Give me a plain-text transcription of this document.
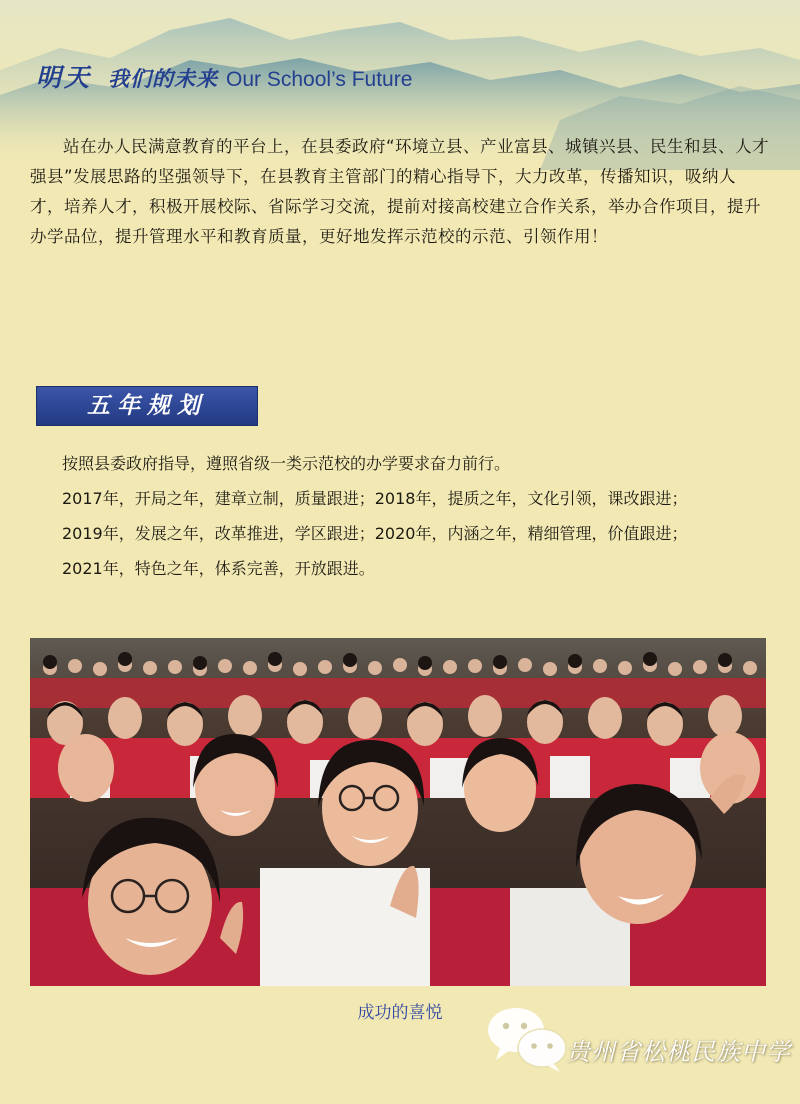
明天 我们的未来 Our School’s Future

站在办人民满意教育的平台上，在县委政府“环境立县、产业富县、城镇兴县、民生和县、人才强县”发展思路的坚强领导下，在县教育主管部门的精心指导下，大力改革，传播知识，吸纳人才，培养人才，积极开展校际、省际学习交流，提前对接高校建立合作关系，举办合作项目，提升办学品位，提升管理水平和教育质量，更好地发挥示范校的示范、引领作用！

五年规划
按照县委政府指导，遵照省级一类示范校的办学要求奋力前行。
2017年，开局之年，建章立制，质量跟进；2018年，提质之年，文化引领，课改跟进；
2019年，发展之年，改革推进，学区跟进；2020年，内涵之年，精细管理，价值跟进；
2021年，特色之年，体系完善，开放跟进。
成功的喜悦
贵州省松桃民族中学
